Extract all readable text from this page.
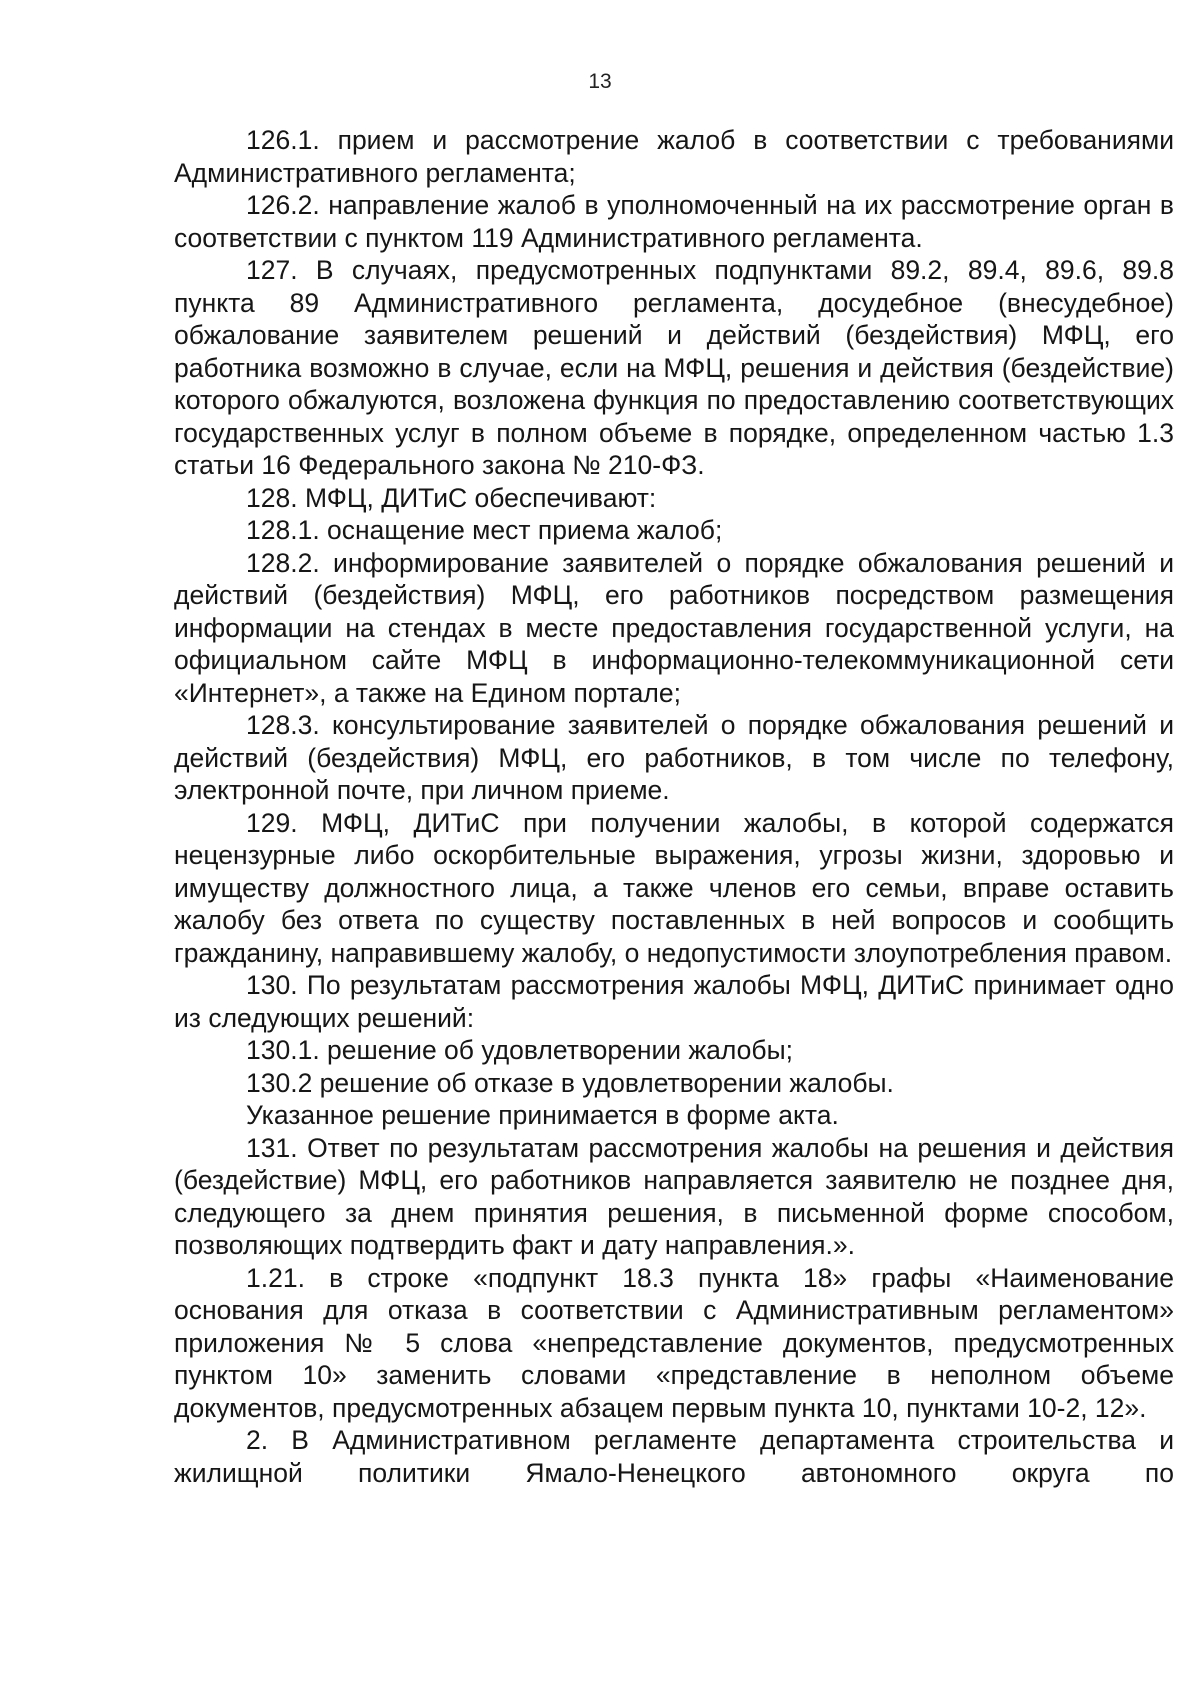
13

126.1. прием и рассмотрение жалоб в соответствии с требованиями Административного регламента;

126.2. направление жалоб в уполномоченный на их рассмотрение орган в соответствии с пунктом 119 Административного регламента.

127. В случаях, предусмотренных подпунктами 89.2, 89.4, 89.6, 89.8 пункта 89 Административного регламента, досудебное (внесудебное) обжалование заявителем решений и действий (бездействия) МФЦ, его работника возможно в случае, если на МФЦ, решения и действия (бездействие) которого обжалуются, возложена функция по предоставлению соответствующих государственных услуг в полном объеме в порядке, определенном частью 1.3 статьи 16 Федерального закона № 210-ФЗ.

128. МФЦ, ДИТиС обеспечивают:

128.1. оснащение мест приема жалоб;

128.2. информирование заявителей о порядке обжалования решений и действий (бездействия) МФЦ, его работников посредством размещения информации на стендах в месте предоставления государственной услуги, на официальном сайте МФЦ в информационно-телекоммуникационной сети «Интернет», а также на Едином портале;

128.3. консультирование заявителей о порядке обжалования решений и действий (бездействия) МФЦ, его работников, в том числе по телефону, электронной почте, при личном приеме.

129. МФЦ, ДИТиС при получении жалобы, в которой содержатся нецензурные либо оскорбительные выражения, угрозы жизни, здоровью и имуществу должностного лица, а также членов его семьи, вправе оставить жалобу без ответа по существу поставленных в ней вопросов и сообщить гражданину, направившему жалобу, о недопустимости злоупотребления правом.

130. По результатам рассмотрения жалобы МФЦ, ДИТиС принимает одно из следующих решений:

130.1. решение об удовлетворении жалобы;

130.2 решение об отказе в удовлетворении жалобы.

Указанное решение принимается в форме акта.

131. Ответ по результатам рассмотрения жалобы на решения и действия (бездействие) МФЦ, его работников направляется заявителю не позднее дня, следующего за днем принятия решения, в письменной форме способом, позволяющих подтвердить факт и дату направления.».

1.21. в строке «подпункт 18.3 пункта 18» графы «Наименование основания для отказа в соответствии с Административным регламентом» приложения № 5 слова «непредставление документов, предусмотренных пунктом 10» заменить словами «представление в неполном объеме документов, предусмотренных абзацем первым пункта 10, пунктами 10-2, 12».

2. В Административном регламенте департамента строительства и жилищной политики Ямало-Ненецкого автономного округа по
